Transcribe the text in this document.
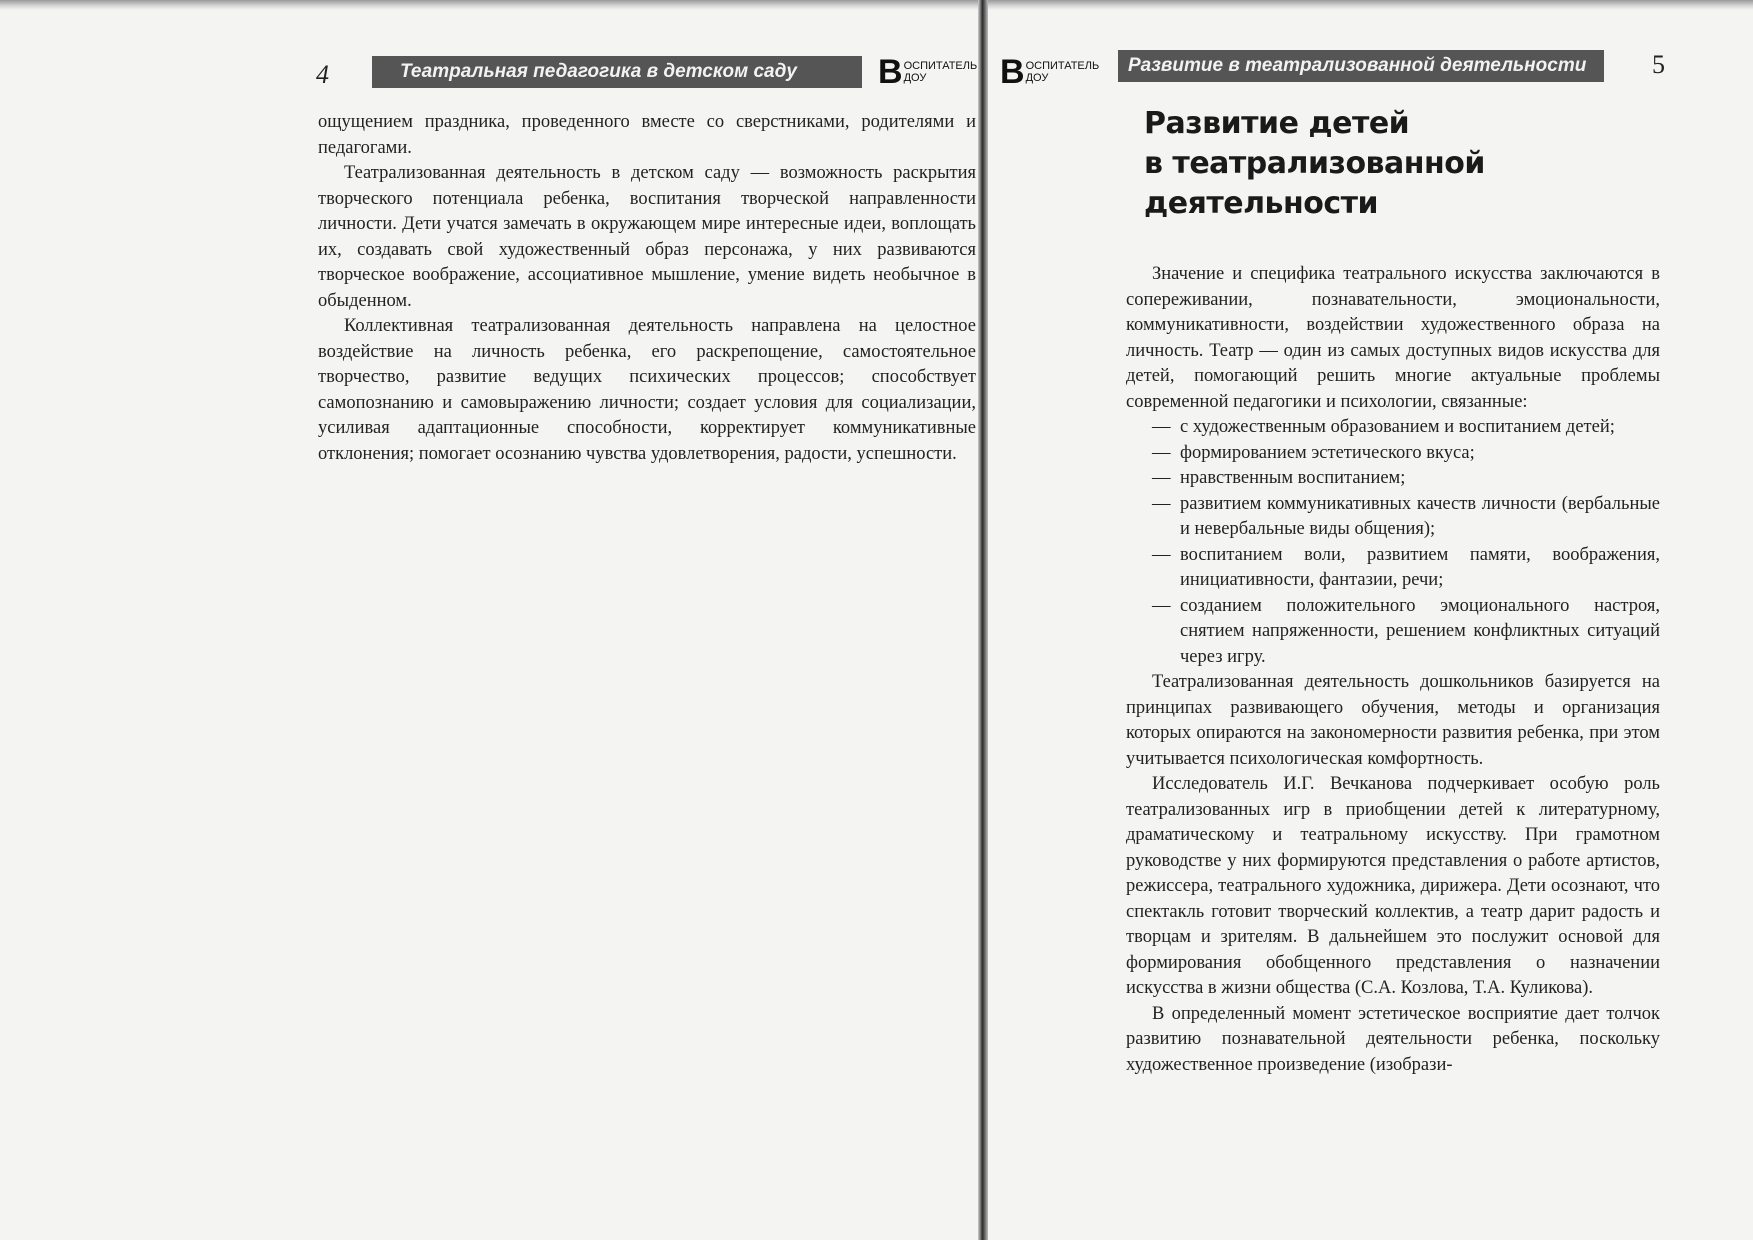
4	Театральная педагогика в детском саду	В ОСПИТАТЕЛЬ
ДОУ

ощущением праздника, проведенного вместе со сверстниками, родителями и педагогами.

Театрализованная деятельность в детском саду — возможность раскрытия творческого потенциала ребенка, воспитания творческой направленности личности. Дети учатся замечать в окружающем мире интересные идеи, воплощать их, создавать свой художественный образ персонажа, у них развиваются творческое воображение, ассоциативное мышление, умение видеть необычное в обыденном.

Коллективная театрализованная деятельность направлена на целостное воздействие на личность ребенка, его раскрепощение, самостоятельное творчество, развитие ведущих психических процессов; способствует самопознанию и самовыражению личности; создает условия для социализации, усиливая адаптационные способности, корректирует коммуникативные отклонения; помогает осознанию чувства удовлетворения, радости, успешности.

В ОСПИТАТЕЛЬ
ДОУ
Развитие в театрализованной деятельности	5
Развитие детей
в театрализованной
деятельности

Значение и специфика театрального искусства заключаются в сопереживании, познавательности, эмоциональности, коммуникативности, воздействии художественного образа на личность. Театр — один из самых доступных видов искусства для детей, помогающий решить многие актуальные проблемы современной педагогики и психологии, связанные:

— с художественным образованием и воспитанием детей;
— формированием эстетического вкуса;
— нравственным воспитанием;
— развитием коммуникативных качеств личности (вербальные и невербальные виды общения);
— воспитанием воли, развитием памяти, воображения, инициативности, фантазии, речи;
— созданием положительного эмоционального настроя, снятием напряженности, решением конфликтных ситуаций через игру.

Театрализованная деятельность дошкольников базируется на принципах развивающего обучения, методы и организация которых опираются на закономерности развития ребенка, при этом учитывается психологическая комфортность.

Исследователь И.Г. Вечканова подчеркивает особую роль театрализованных игр в приобщении детей к литературному, драматическому и театральному искусству. При грамотном руководстве у них формируются представления о работе артистов, режиссера, театрального художника, дирижера. Дети осознают, что спектакль готовит творческий коллектив, а театр дарит радость и творцам и зрителям. В дальнейшем это послужит основой для формирования обобщенного представления о назначении искусства в жизни общества (С.А. Козлова, Т.А. Куликова).

В определенный момент эстетическое восприятие дает толчок развитию познавательной деятельности ребенка, поскольку художественное произведение (изобрази-
